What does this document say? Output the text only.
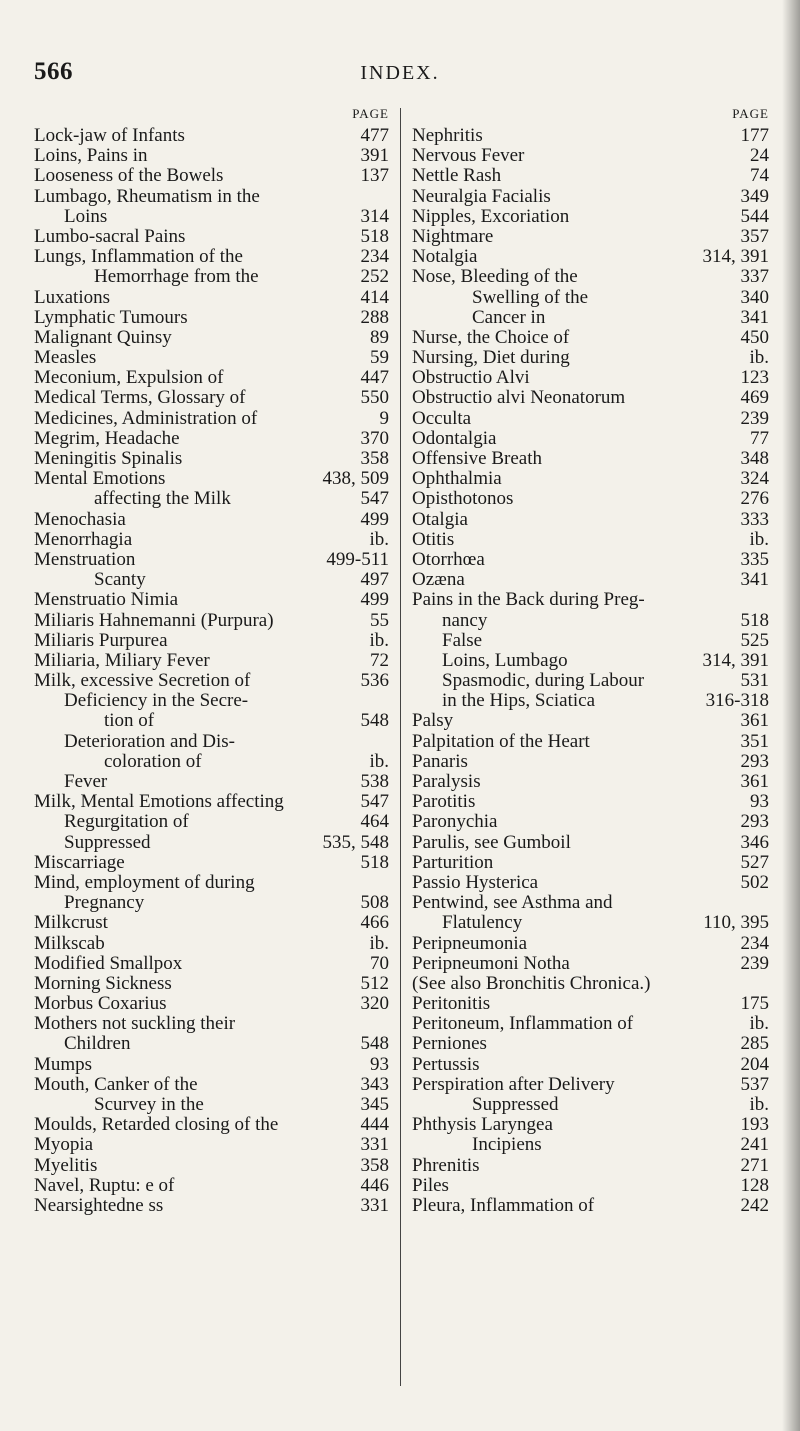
566	INDEX.
PAGE
Lock-jaw of Infants	477
Loins, Pains in	391
Looseness of the Bowels	137
Lumbago, Rheumatism in the
Loins	314
Lumbo-sacral Pains	518
Lungs, Inflammation of the	234
Hemorrhage from the	252
Luxations	414
Lymphatic Tumours	288
Malignant Quinsy	89
Measles	59
Meconium, Expulsion of	447
Medical Terms, Glossary of	550
Medicines, Administration of	9
Megrim, Headache	370
Meningitis Spinalis	358
Mental Emotions	438, 509
affecting the Milk	547
Menochasia	499
Menorrhagia	ib.
Menstruation	499-511
Scanty	497
Menstruatio Nimia	499
Miliaris Hahnemanni (Purpura)	55
Miliaris Purpurea	ib.
Miliaria, Miliary Fever	72
Milk, excessive Secretion of	536
Deficiency in the Secre-
tion of	548
Deterioration and Dis-
coloration of	ib.
Fever	538
Milk, Mental Emotions affecting	547
Regurgitation of	464
Suppressed	535, 548
Miscarriage	518
Mind, employment of during
Pregnancy	508
Milkcrust	466
Milkscab	ib.
Modified Smallpox	70
Morning Sickness	512
Morbus Coxarius	320
Mothers not suckling their
Children	548
Mumps	93
Mouth, Canker of the	343
Scurvey in the	345
Moulds, Retarded closing of the	444
Myopia	331
Myelitis	358
Navel, Ruptu: e of	446
Nearsightedne ss	331
PAGE
Nephritis	177
Nervous Fever	24
Nettle Rash	74
Neuralgia Facialis	349
Nipples, Excoriation	544
Nightmare	357
Notalgia	314, 391
Nose, Bleeding of the	337
Swelling of the	340
Cancer in	341
Nurse, the Choice of	450
Nursing, Diet during	ib.
Obstructio Alvi	123
Obstructio alvi Neonatorum	469
Occulta	239
Odontalgia	77
Offensive Breath	348
Ophthalmia	324
Opisthotonos	276
Otalgia	333
Otitis	ib.
Otorrhœa	335
Ozæna	341
Pains in the Back during Preg-
nancy	518
False	525
Loins, Lumbago	314, 391
Spasmodic, during Labour	531
in the Hips, Sciatica	316-318
Palsy	361
Palpitation of the Heart	351
Panaris	293
Paralysis	361
Parotitis	93
Paronychia	293
Parulis, see Gumboil	346
Parturition	527
Passio Hysterica	502
Pentwind, see Asthma and
Flatulency	110, 395
Peripneumonia	234
Peripneumoni Notha	239
(See also Bronchitis Chronica.)
Peritonitis	175
Peritoneum, Inflammation of	ib.
Perniones	285
Pertussis	204
Perspiration after Delivery	537
Suppressed	ib.
Phthysis Laryngea	193
Incipiens	241
Phrenitis	271
Piles	128
Pleura, Inflammation of	242
